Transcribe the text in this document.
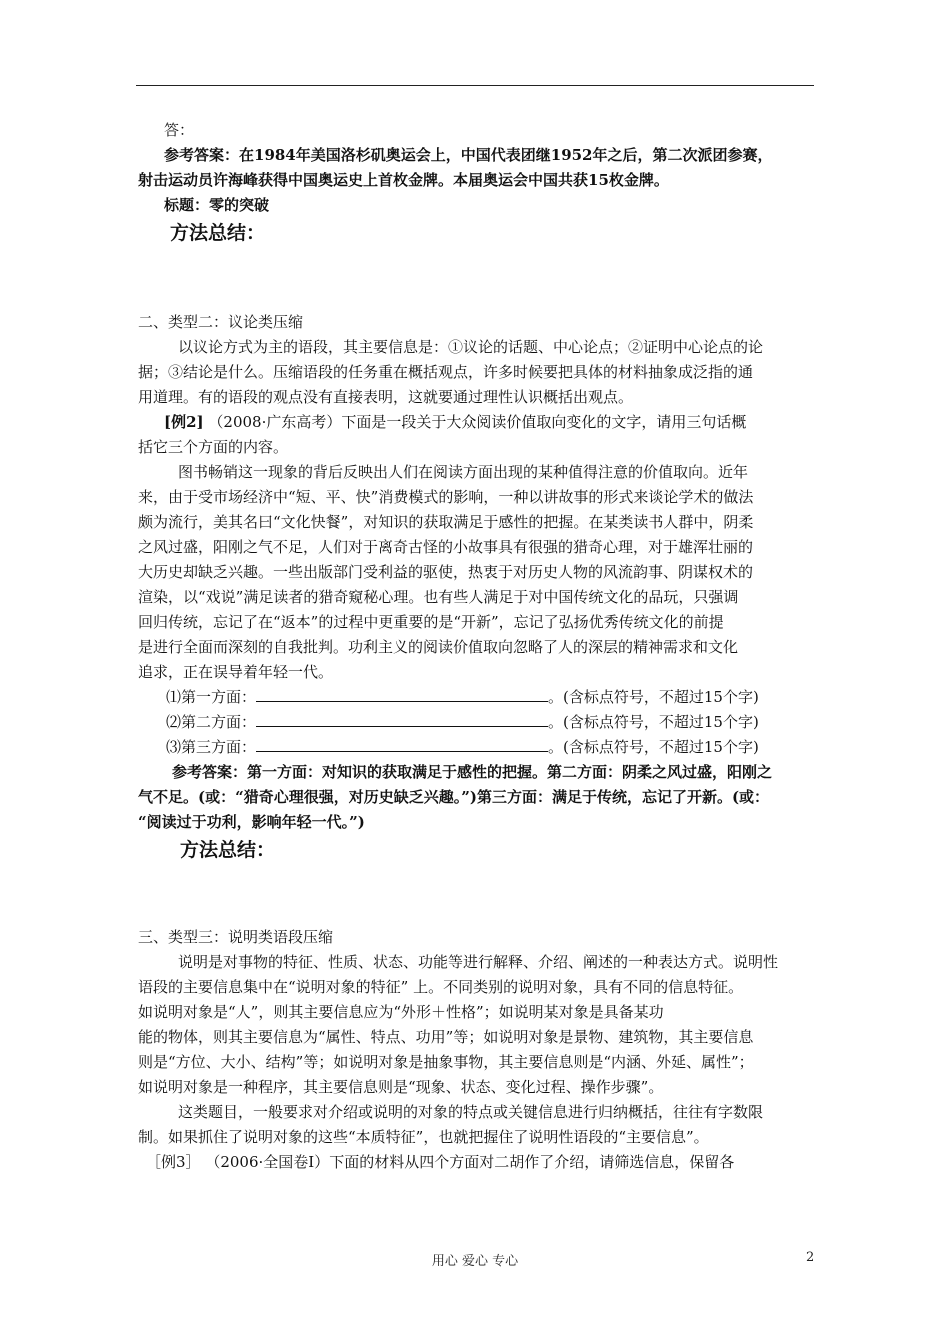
答：
参考答案：在1984年美国洛杉矶奥运会上，中国代表团继1952年之后，第二次派团参赛，
射击运动员许海峰获得中国奥运史上首枚金牌。本届奥运会中国共获15枚金牌。
标题：零的突破
方法总结：
二、类型二：议论类压缩
以议论方式为主的语段，其主要信息是：①议论的话题、中心论点；②证明中心论点的论
据；③结论是什么。压缩语段的任务重在概括观点，许多时候要把具体的材料抽象成泛指的通
用道理。有的语段的观点没有直接表明，这就要通过理性认识概括出观点。
[例2] （2008·广东高考）下面是一段关于大众阅读价值取向变化的文字，请用三句话概
括它三个方面的内容。
图书畅销这一现象的背后反映出人们在阅读方面出现的某种值得注意的价值取向。近年
来，由于受市场经济中“短、平、快”消费模式的影响，一种以讲故事的形式来谈论学术的做法
颇为流行，美其名曰“文化快餐”，对知识的获取满足于感性的把握。在某类读书人群中，阴柔
之风过盛，阳刚之气不足，人们对于离奇古怪的小故事具有很强的猎奇心理，对于雄浑壮丽的
大历史却缺乏兴趣。一些出版部门受利益的驱使，热衷于对历史人物的风流韵事、阴谋权术的
渲染，以“戏说”满足读者的猎奇窥秘心理。也有些人满足于对中国传统文化的品玩，只强调
回归传统，忘记了在“返本”的过程中更重要的是“开新”，忘记了弘扬优秀传统文化的前提
是进行全面而深刻的自我批判。功利主义的阅读价值取向忽略了人的深层的精神需求和文化
追求，正在误导着年轻一代。
⑴第一方面：	。(含标点符号，不超过15个字)
⑵第二方面：	。(含标点符号，不超过15个字)
⑶第三方面：	。(含标点符号，不超过15个字)
参考答案：第一方面：对知识的获取满足于感性的把握。第二方面：阴柔之风过盛，阳刚之
气不足。(或：“猎奇心理很强，对历史缺乏兴趣。”)第三方面：满足于传统，忘记了开新。(或：
“阅读过于功利，影响年轻一代。”)
方法总结：
三、类型三：说明类语段压缩
说明是对事物的特征、性质、状态、功能等进行解释、介绍、阐述的一种表达方式。说明性
语段的主要信息集中在“说明对象的特征” 上。不同类别的说明对象，具有不同的信息特征。
如说明对象是“人”，则其主要信息应为“外形＋性格”；如说明某对象是具备某功
能的物体，则其主要信息为“属性、特点、功用”等；如说明对象是景物、建筑物，其主要信息
则是“方位、大小、结构”等；如说明对象是抽象事物，其主要信息则是“内涵、外延、属性”；
如说明对象是一种程序，其主要信息则是“现象、状态、变化过程、操作步骤”。
这类题目，一般要求对介绍或说明的对象的特点或关键信息进行归纳概括，往往有字数限
制。如果抓住了说明对象的这些“本质特征”，也就把握住了说明性语段的“主要信息”。
［例3］ （2006·全国卷Ⅰ）下面的材料从四个方面对二胡作了介绍，请筛选信息，保留各
用心 爱心 专心	2
